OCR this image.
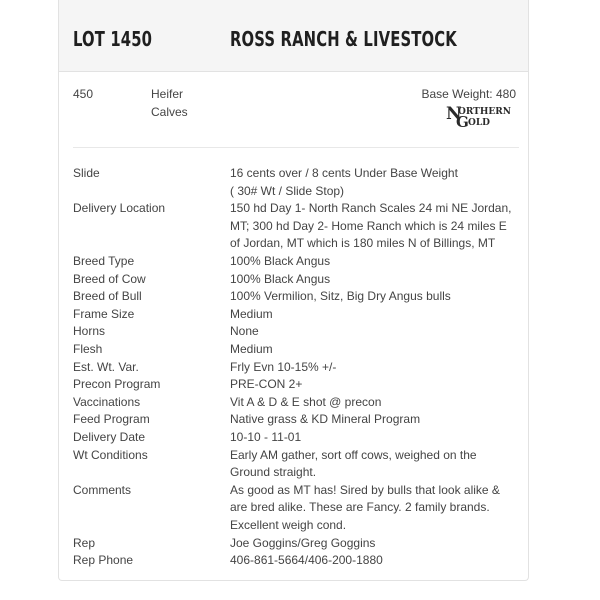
LOT 1450	ROSS RANCH & LIVESTOCK
450	Heifer
Calves
Base Weight: 480
N
ORTHERN
G OLD
Slide	16 cents over / 8 cents Under Base Weight
( 30# Wt / Slide Stop)
Delivery Location	150 hd Day 1- North Ranch Scales 24 mi NE Jordan,
MT; 300 hd Day 2- Home Ranch which is 24 miles E
of Jordan, MT which is 180 miles N of Billings, MT
Breed Type	100% Black Angus
Breed of Cow	100% Black Angus
Breed of Bull	100% Vermilion, Sitz, Big Dry Angus bulls
Frame Size	Medium
Horns	None
Flesh	Medium
Est. Wt. Var.	Frly Evn 10-15% +/-
Precon Program	PRE-CON 2+
Vaccinations	Vit A & D & E shot @ precon
Feed Program	Native grass & KD Mineral Program
Delivery Date	10-10 - 11-01
Wt Conditions	Early AM gather, sort off cows, weighed on the
Ground straight.
Comments	As good as MT has! Sired by bulls that look alike &
are bred alike. These are Fancy. 2 family brands.
Excellent weigh cond.
Rep	Joe Goggins/Greg Goggins
Rep Phone	406-861-5664/406-200-1880
